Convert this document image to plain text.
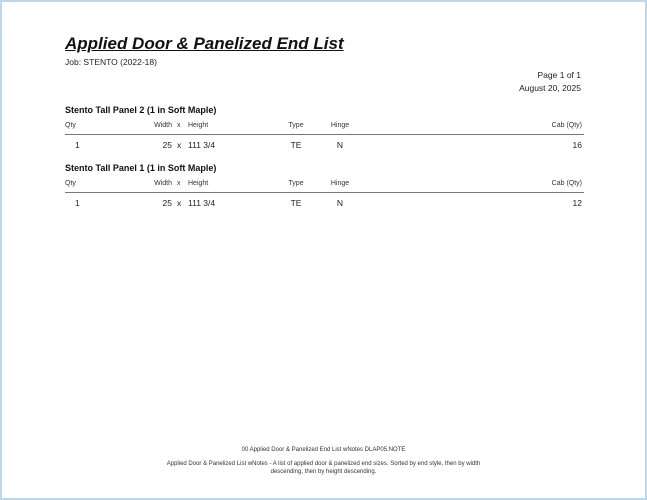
Applied Door & Panelized End List
Job: STENTO (2022-18)
Page 1 of 1
August 20, 2025
Stento Tall Panel 2 (1 in Soft Maple)
Qty	Width x Height	Type	Hinge	Cab (Qty)
1	25 x 111 3/4	TE	N	16
Stento Tall Panel 1 (1 in Soft Maple)
Qty	Width x Height	Type	Hinge	Cab (Qty)
1	25 x 111 3/4	TE	N	12
00 Applied Door & Panelized End List wNotes DLAP05.NOTE
Applied Door & Panelized List wNotes - A list of applied door & panelized end sizes. Sorted by end style, then by width descending, then by height descending.
